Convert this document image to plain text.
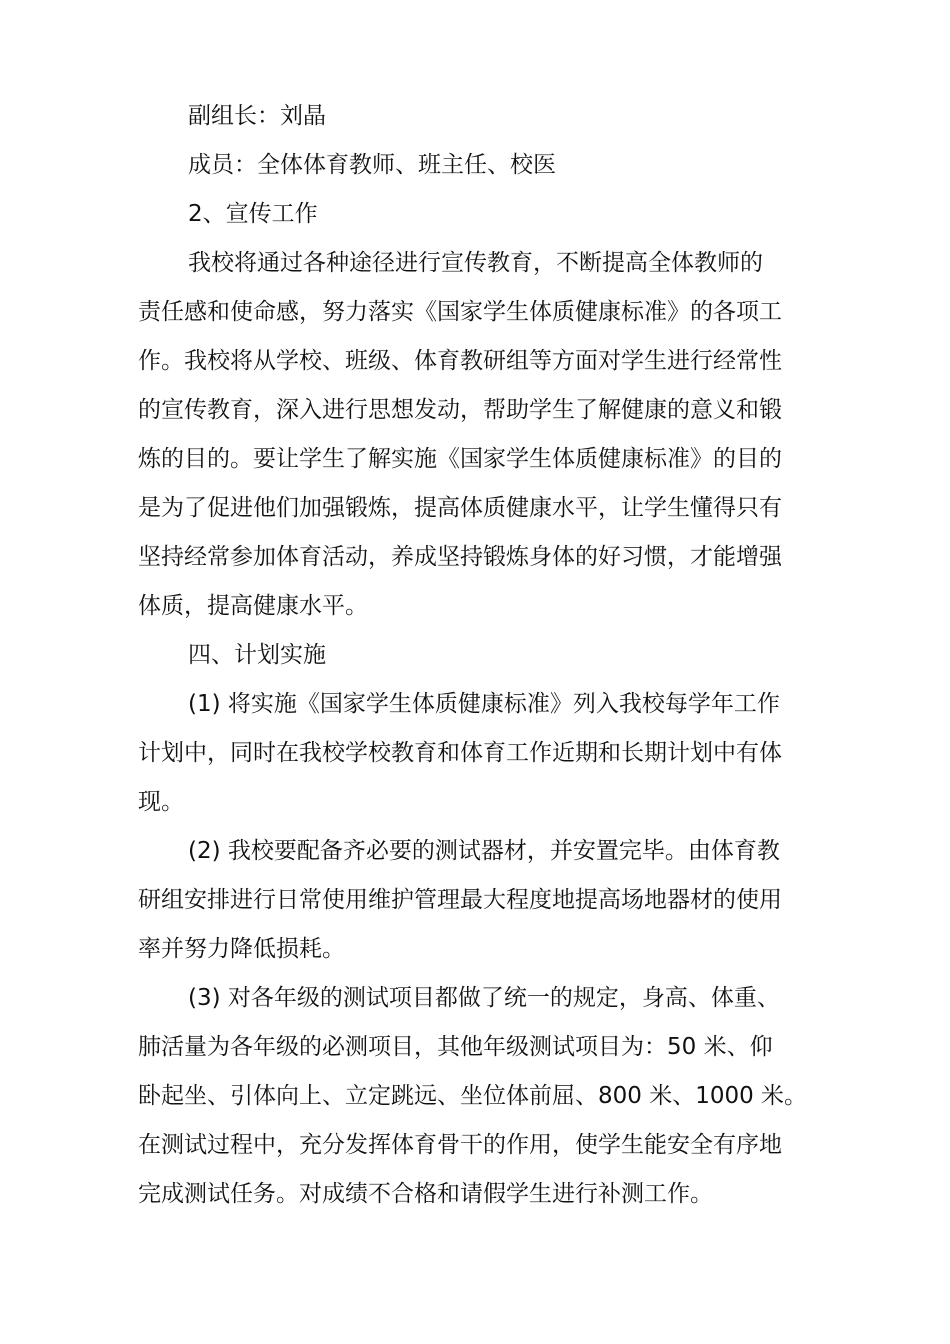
副组长：刘晶

成员：全体体育教师、班主任、校医

2、宣传工作

我校将通过各种途径进行宣传教育，不断提高全体教师的
责任感和使命感，努力落实《国家学生体质健康标准》的各项工
作。我校将从学校、班级、体育教研组等方面对学生进行经常性
的宣传教育，深入进行思想发动，帮助学生了解健康的意义和锻
炼的目的。要让学生了解实施《国家学生体质健康标准》的目的
是为了促进他们加强锻炼，提高体质健康水平，让学生懂得只有
坚持经常参加体育活动，养成坚持锻炼身体的好习惯，才能增强
体质，提高健康水平。

四、计划实施

(1) 将实施《国家学生体质健康标准》列入我校每学年工作
计划中，同时在我校学校教育和体育工作近期和长期计划中有体
现。
(2) 我校要配备齐必要的测试器材，并安置完毕。由体育教
研组安排进行日常使用维护管理最大程度地提高场地器材的使用
率并努力降低损耗。
(3) 对各年级的测试项目都做了统一的规定，身高、体重、
肺活量为各年级的必测项目，其他年级测试项目为：50 米、仰
卧起坐、引体向上、立定跳远、坐位体前屈、800 米、1000 米。
在测试过程中，充分发挥体育骨干的作用，使学生能安全有序地
完成测试任务。对成绩不合格和请假学生进行补测工作。
